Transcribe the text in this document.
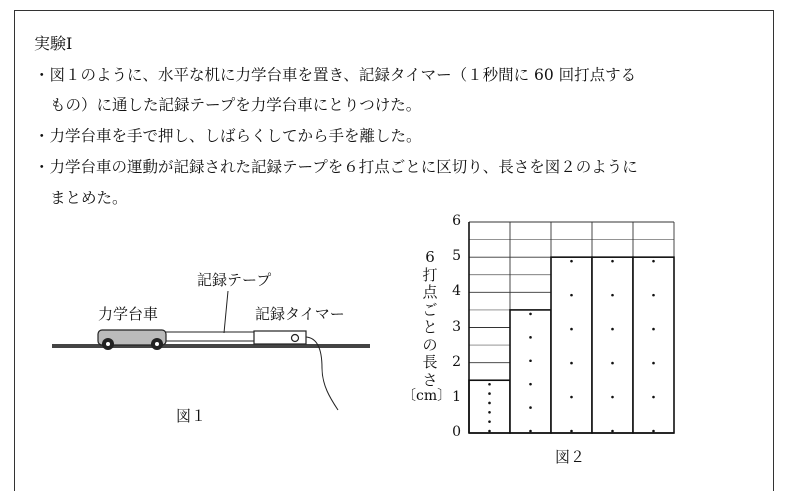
実験Ⅰ
・図１のように、水平な机に力学台車を置き、記録タイマー（１秒間に 60 回打点する
もの）に通した記録テープを力学台車にとりつけた。
・力学台車を手で押し、しばらくしてから手を離した。
・力学台車の運動が記録された記録テープを６打点ごとに区切り、長さを図２のように
まとめた。
記録テープ
力学台車	記録タイマー
図１
6打点ごとの長さ
〔cm〕
0
1
2
3
4
5
6
図２
